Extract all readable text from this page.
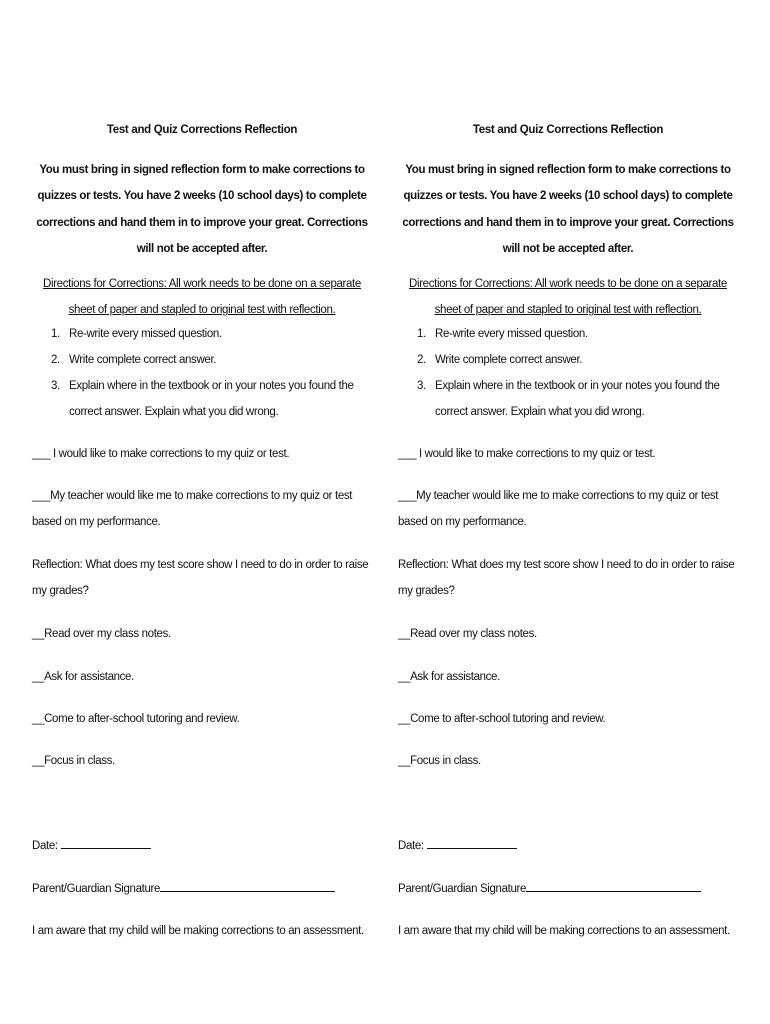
Test and Quiz Corrections Reflection

You must bring in signed reflection form to make corrections to quizzes or tests. You have 2 weeks (10 school days) to complete corrections and hand them in to improve your great. Corrections will not be accepted after.

Directions for Corrections: All work needs to be done on a separate sheet of paper and stapled to original test with reflection.

1. Re-write every missed question.
2. Write complete correct answer.
3. Explain where in the textbook or in your notes you found the correct answer. Explain what you did wrong.

___ I would like to make corrections to my quiz or test.

___My teacher would like me to make corrections to my quiz or test based on my performance.

Reflection: What does my test score show I need to do in order to raise my grades?

__Read over my class notes.

__Ask for assistance.

__Come to after-school tutoring and review.

__Focus in class.

Date:

Parent/Guardian Signature

I am aware that my child will be making corrections to an assessment.

Test and Quiz Corrections Reflection

You must bring in signed reflection form to make corrections to quizzes or tests. You have 2 weeks (10 school days) to complete corrections and hand them in to improve your great. Corrections will not be accepted after.

Directions for Corrections: All work needs to be done on a separate sheet of paper and stapled to original test with reflection.

1. Re-write every missed question.
2. Write complete correct answer.
3. Explain where in the textbook or in your notes you found the correct answer. Explain what you did wrong.

___ I would like to make corrections to my quiz or test.

___My teacher would like me to make corrections to my quiz or test based on my performance.

Reflection: What does my test score show I need to do in order to raise my grades?

__Read over my class notes.

__Ask for assistance.

__Come to after-school tutoring and review.

__Focus in class.

Date:

Parent/Guardian Signature

I am aware that my child will be making corrections to an assessment.
